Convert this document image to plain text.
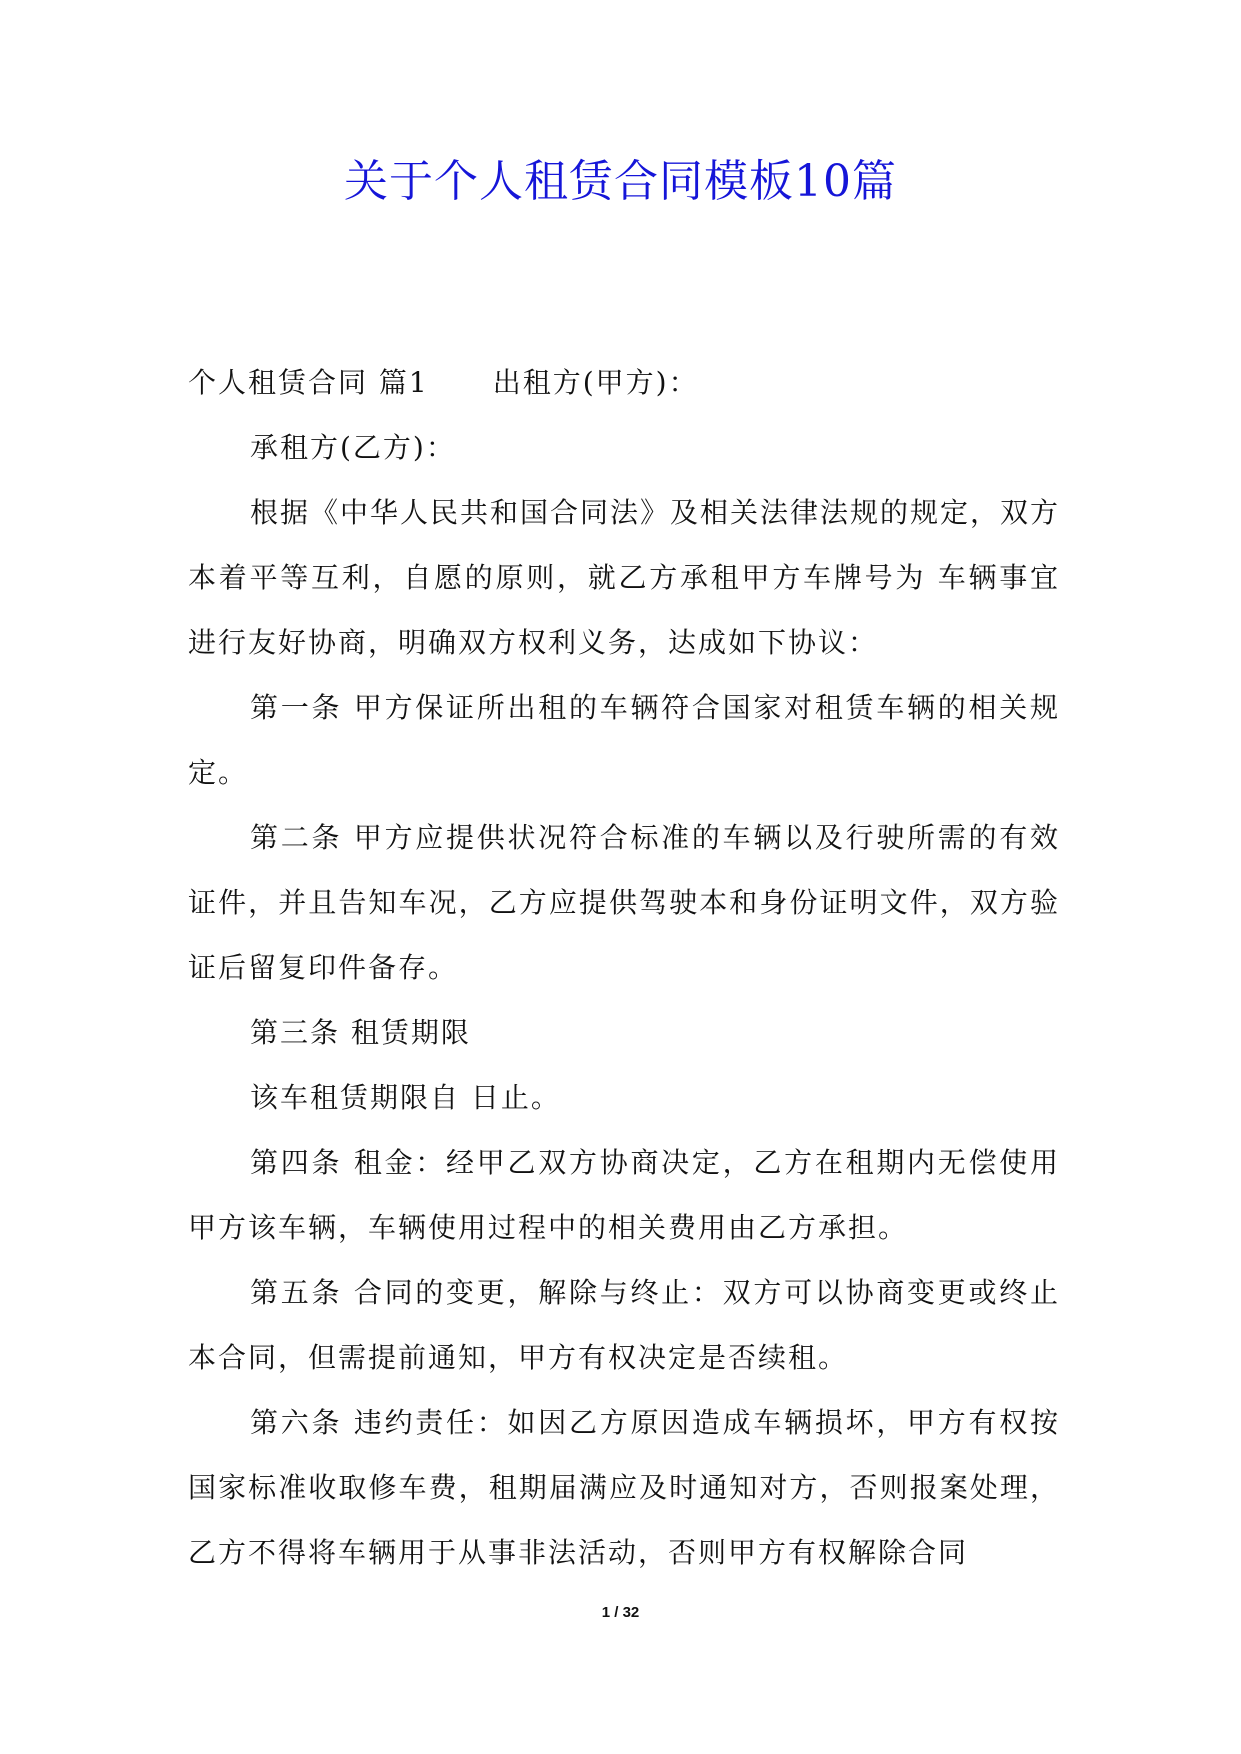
关于个人租赁合同模板10篇

个人租赁合同 篇1 出租方(甲方)：

承租方(乙方)：

根据《中华人民共和国合同法》及相关法律法规的规定，双方本着平等互利，自愿的原则，就乙方承租甲方车牌号为 车辆事宜进行友好协商，明确双方权利义务，达成如下协议：

第一条 甲方保证所出租的车辆符合国家对租赁车辆的相关规定。

第二条 甲方应提供状况符合标准的车辆以及行驶所需的有效证件，并且告知车况，乙方应提供驾驶本和身份证明文件，双方验证后留复印件备存。

第三条 租赁期限

该车租赁期限自 日止。

第四条 租金：经甲乙双方协商决定，乙方在租期内无偿使用甲方该车辆，车辆使用过程中的相关费用由乙方承担。

第五条 合同的变更，解除与终止：双方可以协商变更或终止本合同，但需提前通知，甲方有权决定是否续租。

第六条 违约责任：如因乙方原因造成车辆损坏，甲方有权按国家标准收取修车费，租期届满应及时通知对方，否则报案处理，乙方不得将车辆用于从事非法活动，否则甲方有权解除合同

1 / 32
